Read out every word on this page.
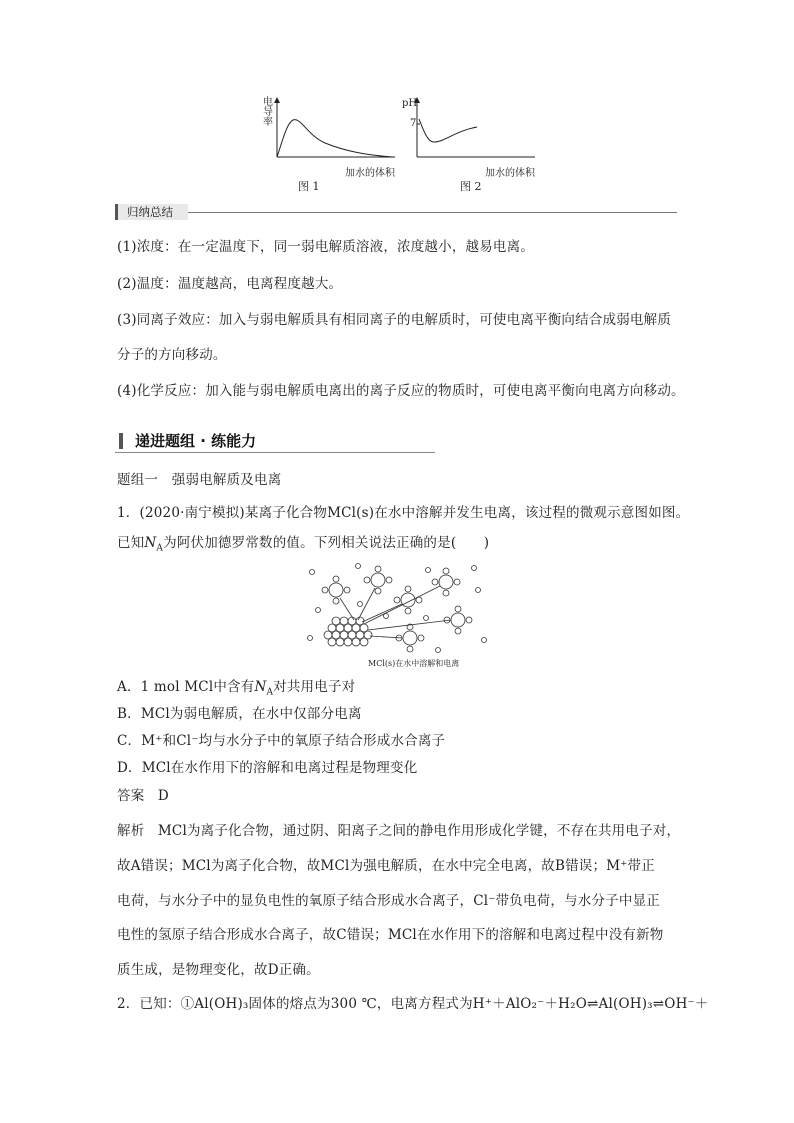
电
导
率
加水的体积
图 1
pH
7
加水的体积
图 2
归纳总结
(1)浓度：在一定温度下，同一弱电解质溶液，浓度越小，越易电离。
(2)温度：温度越高，电离程度越大。
(3)同离子效应：加入与弱电解质具有相同离子的电解质时，可使电离平衡向结合成弱电解质
分子的方向移动。
(4)化学反应：加入能与弱电解质电离出的离子反应的物质时，可使电离平衡向电离方向移动。
递进题组 · 练能力
题组一　强弱电解质及电离
1．(2020·南宁模拟)某离子化合物MCl(s)在水中溶解并发生电离，该过程的微观示意图如图。
已知$N_A$为阿伏加德罗常数的值。下列相关说法正确的是(　　)
MCl(s)在水中溶解和电离
A．1 mol MCl中含有$N_A$对共用电子对
B．MCl为弱电解质，在水中仅部分电离
C．M⁺和Cl⁻均与水分子中的氧原子结合形成水合离子
D．MCl在水作用下的溶解和电离过程是物理变化
答案 D
解析 MCl为离子化合物，通过阴、阳离子之间的静电作用形成化学键，不存在共用电子对，
故A错误；MCl为离子化合物，故MCl为强电解质，在水中完全电离，故B错误；M⁺带正
电荷，与水分子中的显负电性的氧原子结合形成水合离子，Cl⁻带负电荷，与水分子中显正
电性的氢原子结合形成水合离子，故C错误；MCl在水作用下的溶解和电离过程中没有新物
质生成，是物理变化，故D正确。
2．已知：①Al(OH)₃固体的熔点为300 ℃，电离方程式为H⁺＋AlO₂⁻＋H₂O⇌Al(OH)₃⇌OH⁻＋
